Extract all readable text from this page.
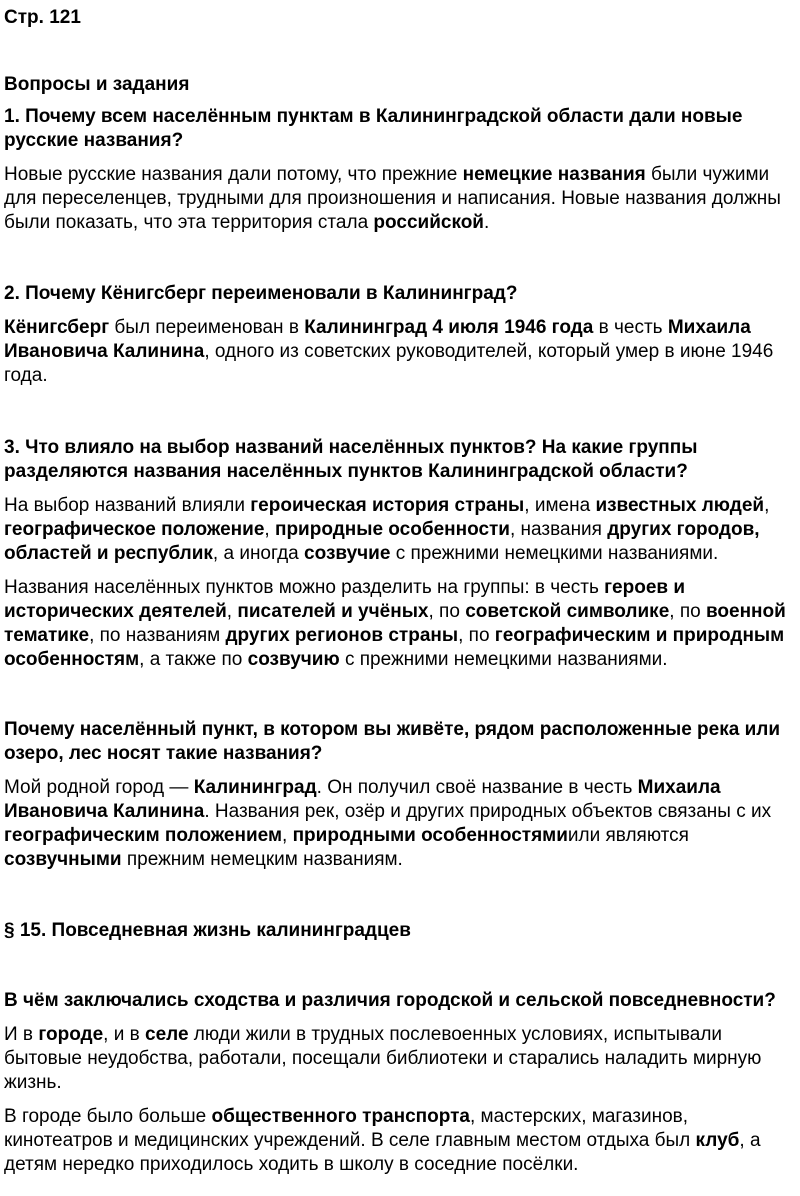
Стр. 121

Вопросы и задания

1. Почему всем населённым пунктам в Калининградской области дали новые русские названия?

Новые русские названия дали потому, что прежние немецкие названия были чужими для переселенцев, трудными для произношения и написания. Новые названия должны были показать, что эта территория стала российской.

2. Почему Кёнигсберг переименовали в Калининград?

Кёнигсберг был переименован в Калининград 4 июля 1946 года в честь Михаила Ивановича Калинина, одного из советских руководителей, который умер в июне 1946 года.

3. Что влияло на выбор названий населённых пунктов? На какие группы разделяются названия населённых пунктов Калининградской области?

На выбор названий влияли героическая история страны, имена известных людей, географическое положение, природные особенности, названия других городов, областей и республик, а иногда созвучие с прежними немецкими названиями.

Названия населённых пунктов можно разделить на группы: в честь героев и исторических деятелей, писателей и учёных, по советской символике, по военной тематике, по названиям других регионов страны, по географическим и природным особенностям, а также по созвучию с прежними немецкими названиями.

Почему населённый пункт, в котором вы живёте, рядом расположенные река или озеро, лес носят такие названия?

Мой родной город — Калининград. Он получил своё название в честь Михаила Ивановича Калинина. Названия рек, озёр и других природных объектов связаны с их географическим положением, природными особенностямиили являются созвучными прежним немецким названиям.

§ 15. Повседневная жизнь калининградцев

В чём заключались сходства и различия городской и сельской повседневности?

И в городе, и в селе люди жили в трудных послевоенных условиях, испытывали бытовые неудобства, работали, посещали библиотеки и старались наладить мирную жизнь.

В городе было больше общественного транспорта, мастерских, магазинов, кинотеатров и медицинских учреждений. В селе главным местом отдыха был клуб, а детям нередко приходилось ходить в школу в соседние посёлки.
